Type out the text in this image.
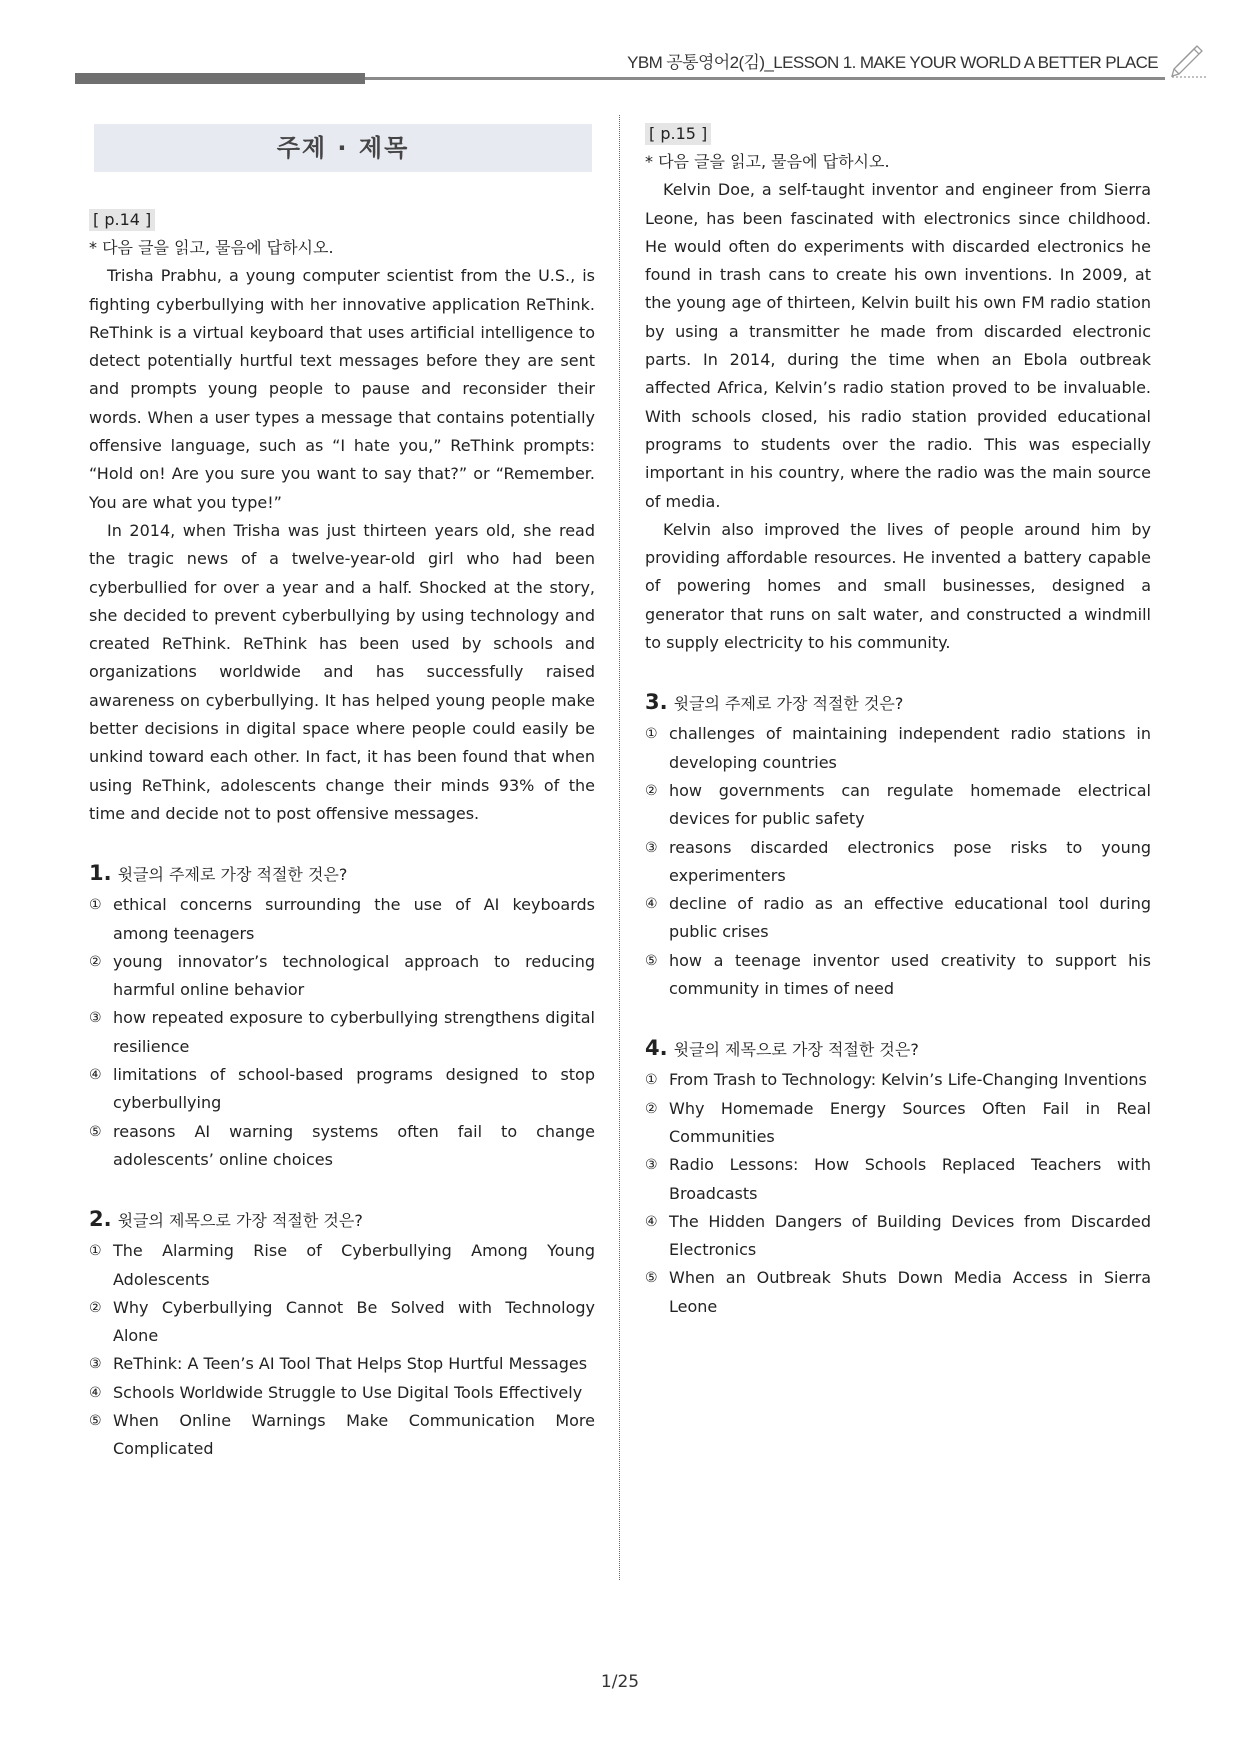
YBM 공통영어2(김)_LESSON 1. MAKE YOUR WORLD A BETTER PLACE
주제 · 제목
[ p.14 ]
* 다음 글을 읽고, 물음에 답하시오.

Trisha Prabhu, a young computer scientist from the U.S., is fighting cyberbullying with her innovative application ReThink. ReThink is a virtual keyboard that uses artificial intelligence to detect potentially hurtful text messages before they are sent and prompts young people to pause and reconsider their words. When a user types a message that contains potentially offensive language, such as “I hate you,” ReThink prompts: “Hold on! Are you sure you want to say that?” or “Remember. You are what you type!”

In 2014, when Trisha was just thirteen years old, she read the tragic news of a twelve-year-old girl who had been cyberbullied for over a year and a half. Shocked at the story, she decided to prevent cyberbullying by using technology and created ReThink. ReThink has been used by schools and organizations worldwide and has successfully raised awareness on cyberbullying. It has helped young people make better decisions in digital space where people could easily be unkind toward each other. In fact, it has been found that when using ReThink, adolescents change their minds 93% of the time and decide not to post offensive messages.

1. 윗글의 주제로 가장 적절한 것은?
① ethical concerns surrounding the use of AI keyboards among teenagers
② young innovator’s technological approach to reducing harmful online behavior
③ how repeated exposure to cyberbullying strengthens digital resilience
④ limitations of school-based programs designed to stop cyberbullying
⑤ reasons AI warning systems often fail to change adolescents’ online choices
2. 윗글의 제목으로 가장 적절한 것은?
① The Alarming Rise of Cyberbullying Among Young Adolescents
② Why Cyberbullying Cannot Be Solved with Technology Alone
③ ReThink: A Teen’s AI Tool That Helps Stop Hurtful Messages
④ Schools Worldwide Struggle to Use Digital Tools Effectively
⑤ When Online Warnings Make Communication More Complicated
[ p.15 ]
* 다음 글을 읽고, 물음에 답하시오.

Kelvin Doe, a self-taught inventor and engineer from Sierra Leone, has been fascinated with electronics since childhood. He would often do experiments with discarded electronics he found in trash cans to create his own inventions. In 2009, at the young age of thirteen, Kelvin built his own FM radio station by using a transmitter he made from discarded electronic parts. In 2014, during the time when an Ebola outbreak affected Africa, Kelvin’s radio station proved to be invaluable. With schools closed, his radio station provided educational programs to students over the radio. This was especially important in his country, where the radio was the main source of media.

Kelvin also improved the lives of people around him by providing affordable resources. He invented a battery capable of powering homes and small businesses, designed a generator that runs on salt water, and constructed a windmill to supply electricity to his community.

3. 윗글의 주제로 가장 적절한 것은?
① challenges of maintaining independent radio stations in developing countries
② how governments can regulate homemade electrical devices for public safety
③ reasons discarded electronics pose risks to young experimenters
④ decline of radio as an effective educational tool during public crises
⑤ how a teenage inventor used creativity to support his community in times of need
4. 윗글의 제목으로 가장 적절한 것은?
① From Trash to Technology: Kelvin’s Life-Changing Inventions
② Why Homemade Energy Sources Often Fail in Real Communities
③ Radio Lessons: How Schools Replaced Teachers with Broadcasts
④ The Hidden Dangers of Building Devices from Discarded Electronics
⑤ When an Outbreak Shuts Down Media Access in Sierra Leone
1/25
